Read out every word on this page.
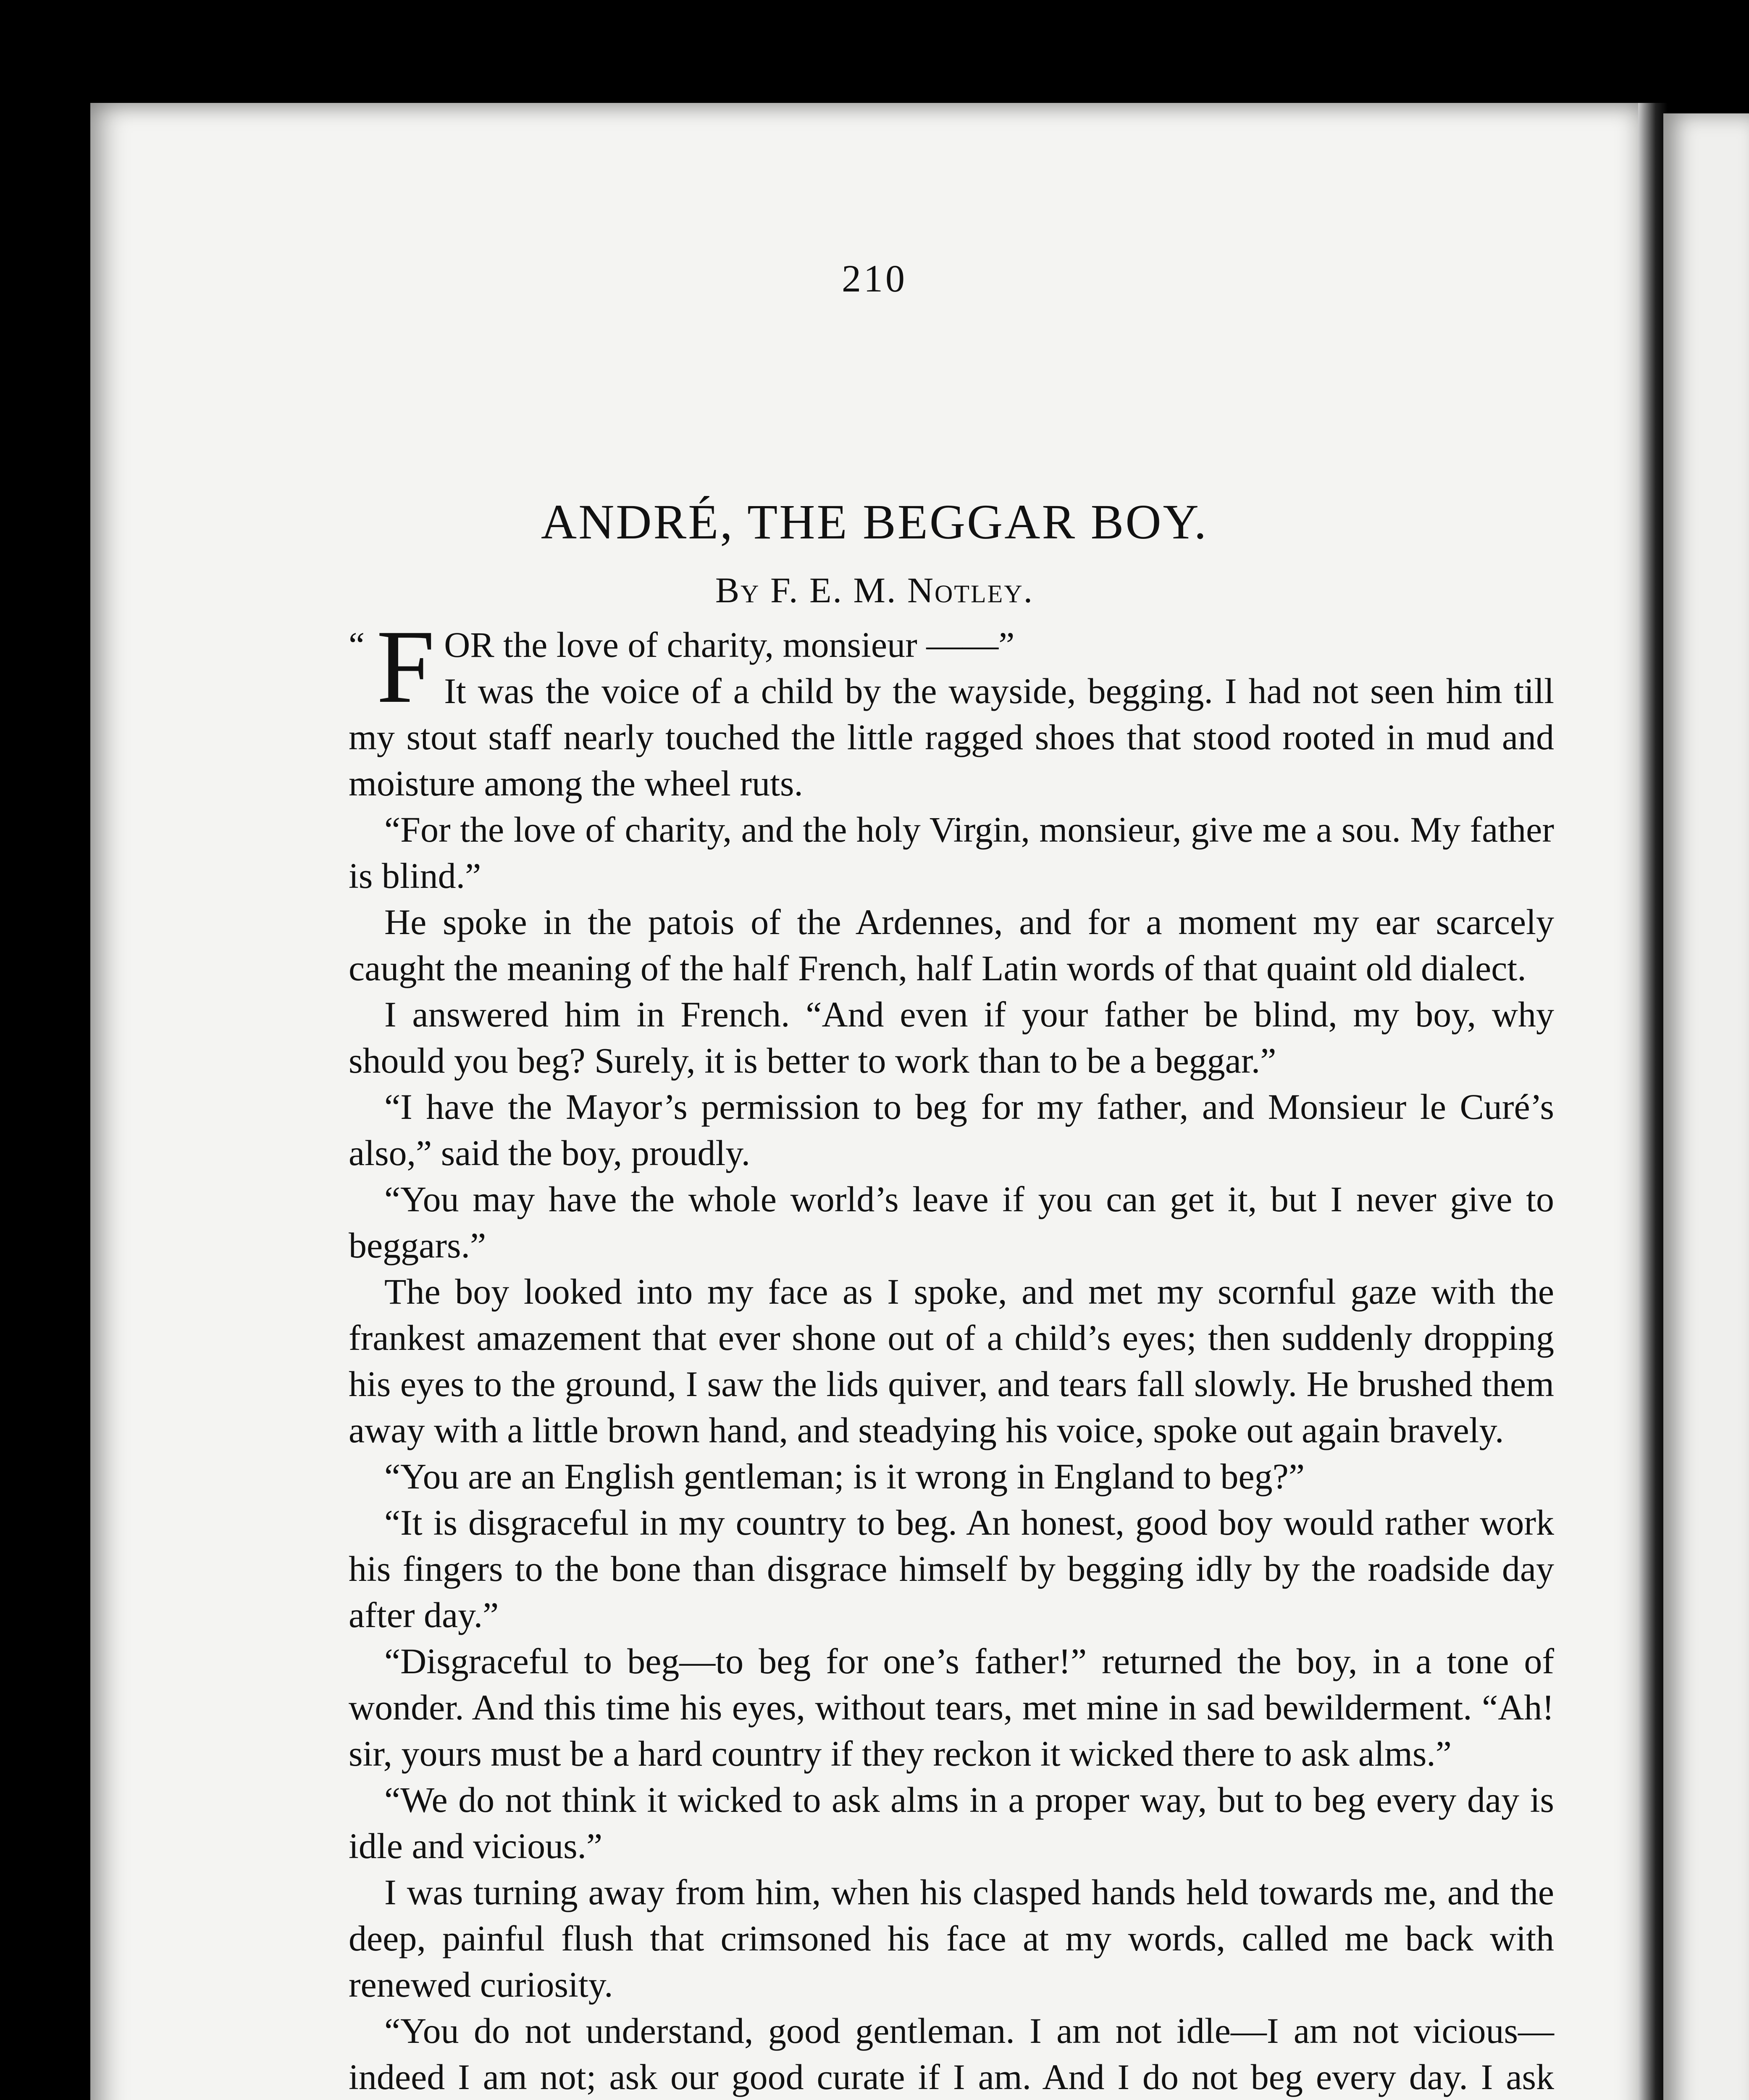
210
ANDRÉ, THE BEGGAR BOY.
By F. E. M. Notley.

“ F OR the love of charity, monsieur ——”
It was the voice of a child by the wayside, begging. I had not seen him till my stout staff nearly touched the little ragged shoes that stood rooted in mud and moisture among the wheel ruts.

“For the love of charity, and the holy Virgin, monsieur, give me a sou. My father is blind.”

He spoke in the patois of the Ardennes, and for a moment my ear scarcely caught the meaning of the half French, half Latin words of that quaint old dialect.

I answered him in French. “And even if your father be blind, my boy, why should you beg? Surely, it is better to work than to be a beggar.”

“I have the Mayor’s permission to beg for my father, and Monsieur le Curé’s also,” said the boy, proudly.

“You may have the whole world’s leave if you can get it, but I never give to beggars.”

The boy looked into my face as I spoke, and met my scornful gaze with the frankest amazement that ever shone out of a child’s eyes; then suddenly dropping his eyes to the ground, I saw the lids quiver, and tears fall slowly. He brushed them away with a little brown hand, and steadying his voice, spoke out again bravely.

“You are an English gentleman; is it wrong in England to beg?”

“It is disgraceful in my country to beg. An honest, good boy would rather work his fingers to the bone than disgrace himself by begging idly by the roadside day after day.”

“Disgraceful to beg—to beg for one’s father!” returned the boy, in a tone of wonder. And this time his eyes, without tears, met mine in sad bewilderment. “Ah! sir, yours must be a hard country if they reckon it wicked there to ask alms.”

“We do not think it wicked to ask alms in a proper way, but to beg every day is idle and vicious.”

I was turning away from him, when his clasped hands held towards me, and the deep, painful flush that crimsoned his face at my words, called me back with renewed curiosity.

“You do not understand, good gentleman. I am not idle—I am not vicious—indeed I am not; ask our good curate if I am. And I do not beg every day. I ask
